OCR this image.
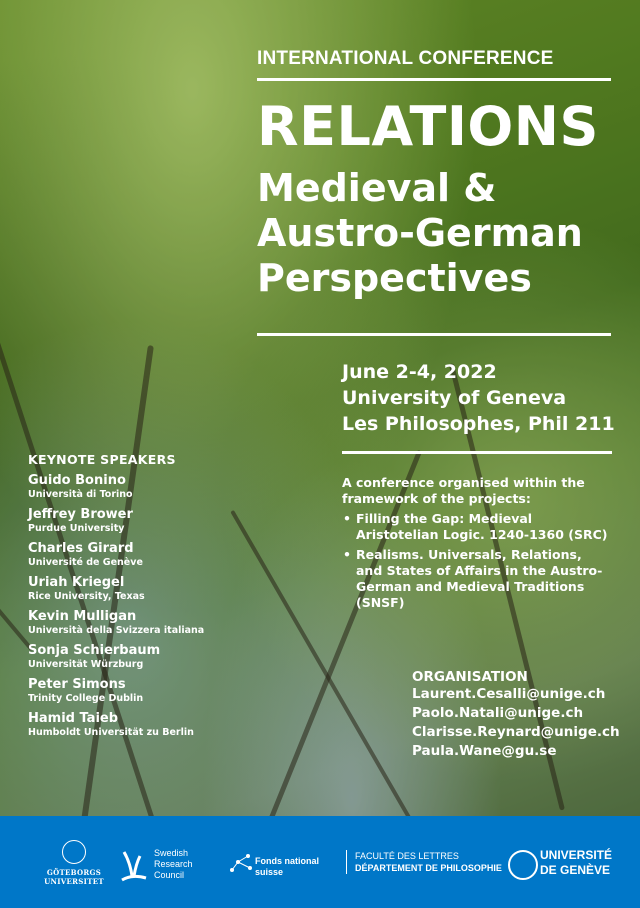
INTERNATIONAL CONFERENCE
RELATIONS
Medieval &
Austro-German
Perspectives
June 2-4, 2022
University of Geneva
Les Philosophes, Phil 211
A conference organised within the framework of the projects:
• Filling the Gap: Medieval Aristotelian Logic. 1240-1360 (SRC)
• Realisms. Universals, Relations, and States of Affairs in the Austro-German and Medieval Traditions (SNSF)
KEYNOTE SPEAKERS
Guido Bonino
Università di Torino
Jeffrey Brower
Purdue University
Charles Girard
Université de Genève
Uriah Kriegel
Rice University, Texas
Kevin Mulligan
Università della Svizzera italiana
Sonja Schierbaum
Universität Würzburg
Peter Simons
Trinity College Dublin
Hamid Taieb
Humboldt Universität zu Berlin
ORGANISATION
Laurent.Cesalli@unige.ch
Paolo.Natali@unige.ch
Clarisse.Reynard@unige.ch
Paula.Wane@gu.se
GÖTEBORGS
UNIVERSITET
Swedish
Research
Council
Fonds national
suisse
FACULTÉ DES LETTRES
DÉPARTEMENT DE PHILOSOPHIE
UNIVERSITÉ
DE GENÈVE
